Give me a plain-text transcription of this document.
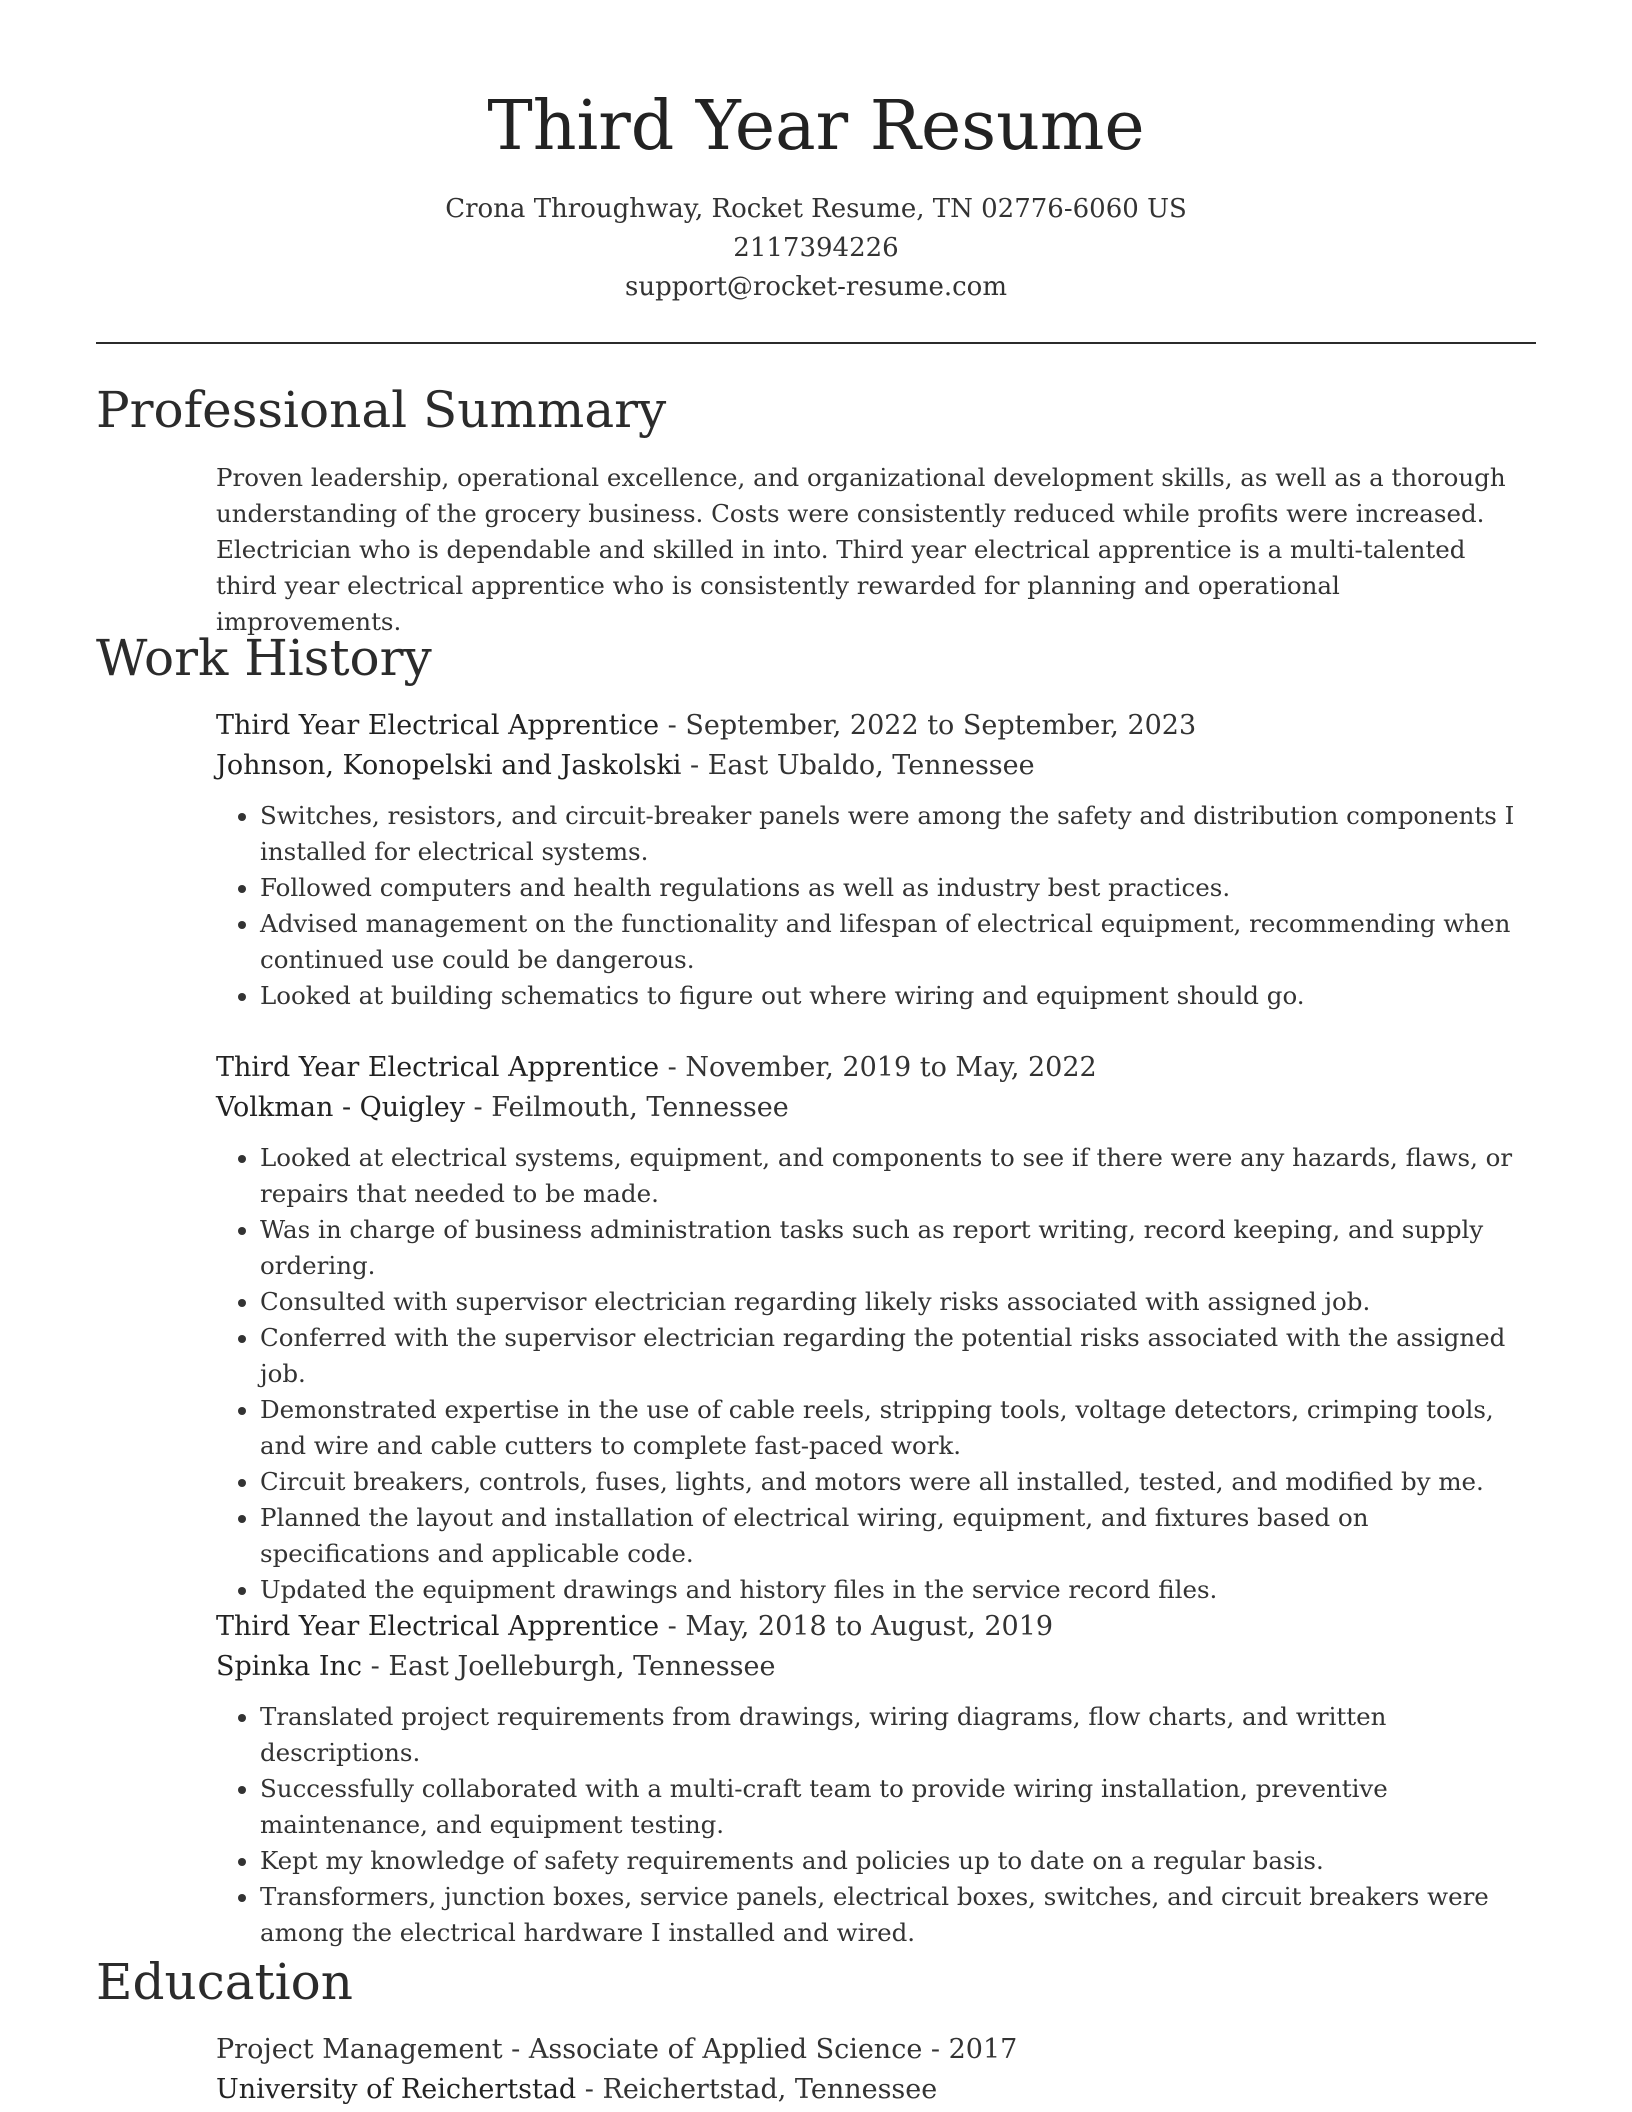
Third Year Resume
Crona Throughway, Rocket Resume, TN 02776-6060 US
2117394226
support@rocket-resume.com
Professional Summary
Proven leadership, operational excellence, and organizational development skills, as well as a thorough understanding of the grocery business. Costs were consistently reduced while profits were increased. Electrician who is dependable and skilled in into. Third year electrical apprentice is a multi-talented third year electrical apprentice who is consistently rewarded for planning and operational improvements.
Work History
Third Year Electrical Apprentice - September, 2022 to September, 2023
Johnson, Konopelski and Jaskolski - East Ubaldo, Tennessee
• Switches, resistors, and circuit-breaker panels were among the safety and distribution components I installed for electrical systems.
• Followed computers and health regulations as well as industry best practices.
• Advised management on the functionality and lifespan of electrical equipment, recommending when continued use could be dangerous.
• Looked at building schematics to figure out where wiring and equipment should go.
Third Year Electrical Apprentice - November, 2019 to May, 2022
Volkman - Quigley - Feilmouth, Tennessee
• Looked at electrical systems, equipment, and components to see if there were any hazards, flaws, or repairs that needed to be made.
• Was in charge of business administration tasks such as report writing, record keeping, and supply ordering.
• Consulted with supervisor electrician regarding likely risks associated with assigned job.
• Conferred with the supervisor electrician regarding the potential risks associated with the assigned job.
• Demonstrated expertise in the use of cable reels, stripping tools, voltage detectors, crimping tools, and wire and cable cutters to complete fast-paced work.
• Circuit breakers, controls, fuses, lights, and motors were all installed, tested, and modified by me.
• Planned the layout and installation of electrical wiring, equipment, and fixtures based on specifications and applicable code.
• Updated the equipment drawings and history files in the service record files.
Third Year Electrical Apprentice - May, 2018 to August, 2019
Spinka Inc - East Joelleburgh, Tennessee
• Translated project requirements from drawings, wiring diagrams, flow charts, and written descriptions.
• Successfully collaborated with a multi-craft team to provide wiring installation, preventive maintenance, and equipment testing.
• Kept my knowledge of safety requirements and policies up to date on a regular basis.
• Transformers, junction boxes, service panels, electrical boxes, switches, and circuit breakers were among the electrical hardware I installed and wired.
Education
Project Management - Associate of Applied Science - 2017
University of Reichertstad - Reichertstad, Tennessee
